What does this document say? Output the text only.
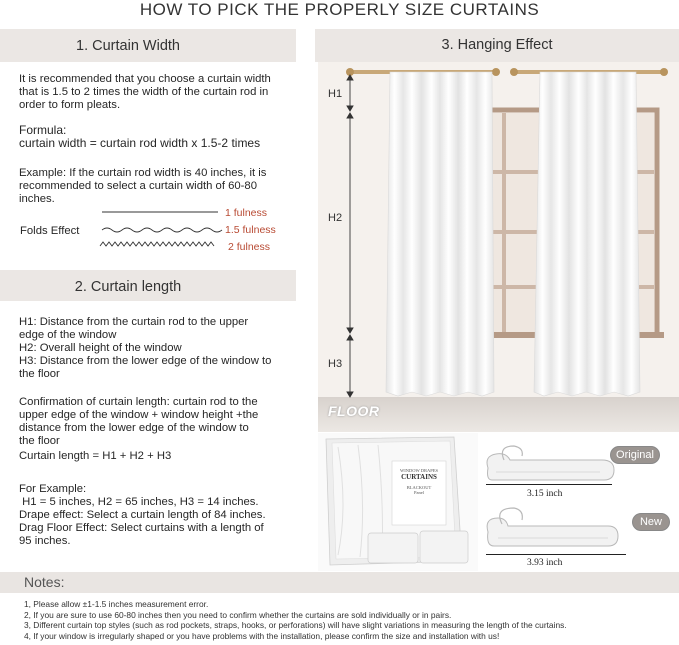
HOW TO PICK THE PROPERLY SIZE CURTAINS
1. Curtain Width

It is recommended that you choose a curtain width

that is 1.5 to 2 times the width of the curtain rod in

order to form pleats.

Formula:

curtain width = curtain rod width x 1.5-2 times

Example: If the curtain rod width is 40 inches, it is

recommended to select a curtain width of 60-80

inches.

Folds Effect
1 fulness
1.5 fulness
2 fulness
2. Curtain length

H1: Distance from the curtain rod to the upper

edge of the window

H2: Overall height of the window

H3: Distance from the lower edge of the window to

the floor

Confirmation of curtain length: curtain rod to the

upper edge of the window + window height +the

distance from the lower edge of the window to

the floor

Curtain length = H1 + H2 + H3

For Example:

H1 = 5 inches, H2 = 65 inches, H3 = 14 inches.

Drape effect: Select a curtain length of 84 inches.

Drag Floor Effect: Select curtains with a length of

95 inches.

3. Hanging Effect
H1
H2
H3
FLOOR
WINDOW DRAPES
CURTAINS
BLACKOUT
Panel
Original
3.15 inch
New
3.93 inch
Notes:
1, Please allow ±1-1.5 inches measurement error.
2, If you are sure to use 60-80 inches then you need to confirm whether the curtains are sold individually or in pairs.
3, Different curtain top styles (such as rod pockets, straps, hooks, or perforations) will have slight variations in measuring the length of the curtains.
4, If your window is irregularly shaped or you have problems with the installation, please confirm the size and installation with us!
